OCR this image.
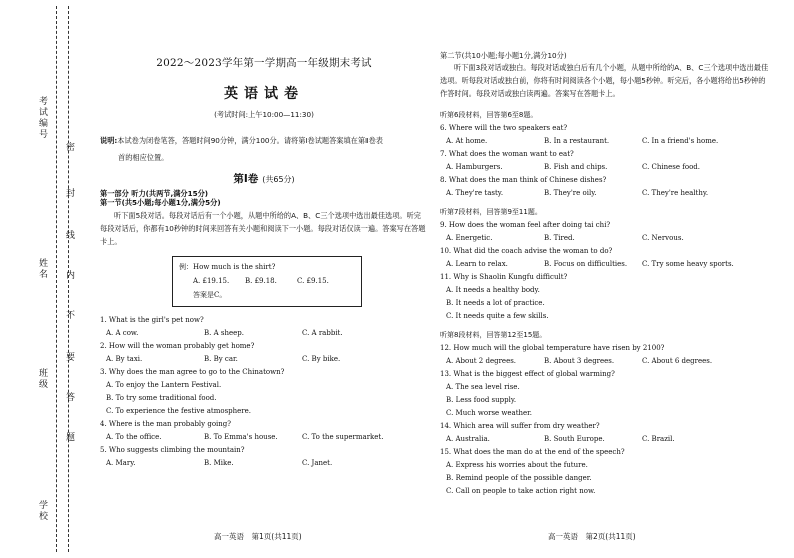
考试编号
姓名
班级
学校
密
封
线
内
不
要
答
题
2022～2023学年第一学期高一年级期末考试
英语试卷
(考试时间:上午10:00—11:30)
说明:本试卷为闭卷笔答，答题时间90分钟，满分100分。请将第Ⅰ卷试题答案填在第Ⅱ卷表
首的相应位置。
第Ⅰ卷 (共65分)
第一部分 听力(共两节,满分15分)
第一节(共5小题;每小题1分,满分5分)
听下面5段对话。每段对话后有一个小题，从题中所给的A、B、C三个选项中选出最佳选项。听完每段对话后，你都有10秒钟的时间来回答有关小题和阅读下一小题。每段对话仅读一遍。答案写在答题卡上。
例：How much is the shirt?
A. £19.15.	B. £9.18.	C. £9.15.
答案是C。
1. What is the girl's pet now?
A. A cow.	B. A sheep.	C. A rabbit.
2. How will the woman probably get home?
A. By taxi.	B. By car.	C. By bike.
3. Why does the man agree to go to the Chinatown?
A. To enjoy the Lantern Festival.
B. To try some traditional food.
C. To experience the festive atmosphere.
4. Where is the man probably going?
A. To the office.	B. To Emma's house.	C. To the supermarket.
5. Who suggests climbing the mountain?
A. Mary.	B. Mike.	C. Janet.
高一英语　第1页(共11页)
第二节(共10小题;每小题1分,满分10分)
听下面3段对话或独白。每段对话或独白后有几个小题，从题中所给的A、B、C三个选项中选出最佳选项。听每段对话或独白前，你将有时间阅读各个小题，每小题5秒钟。听完后，各小题将给出5秒钟的作答时间。每段对话或独白读两遍。答案写在答题卡上。
听第6段材料，回答第6至8题。
6. Where will the two speakers eat?
A. At home.	B. In a restaurant.	C. In a friend's home.
7. What does the woman want to eat?
A. Hamburgers.	B. Fish and chips.	C. Chinese food.
8. What does the man think of Chinese dishes?
A. They're tasty.	B. They're oily.	C. They're healthy.
听第7段材料，回答第9至11题。
9. How does the woman feel after doing tai chi?
A. Energetic.	B. Tired.	C. Nervous.
10. What did the coach advise the woman to do?
A. Learn to relax.	B. Focus on difficulties.	C. Try some heavy sports.
11. Why is Shaolin Kungfu difficult?
A. It needs a healthy body.
B. It needs a lot of practice.
C. It needs quite a few skills.
听第8段材料，回答第12至15题。
12. How much will the global temperature have risen by 2100?
A. About 2 degrees.	B. About 3 degrees.	C. About 6 degrees.
13. What is the biggest effect of global warming?
A. The sea level rise.
B. Less food supply.
C. Much worse weather.
14. Which area will suffer from dry weather?
A. Australia.	B. South Europe.	C. Brazil.
15. What does the man do at the end of the speech?
A. Express his worries about the future.
B. Remind people of the possible danger.
C. Call on people to take action right now.
高一英语　第2页(共11页)
